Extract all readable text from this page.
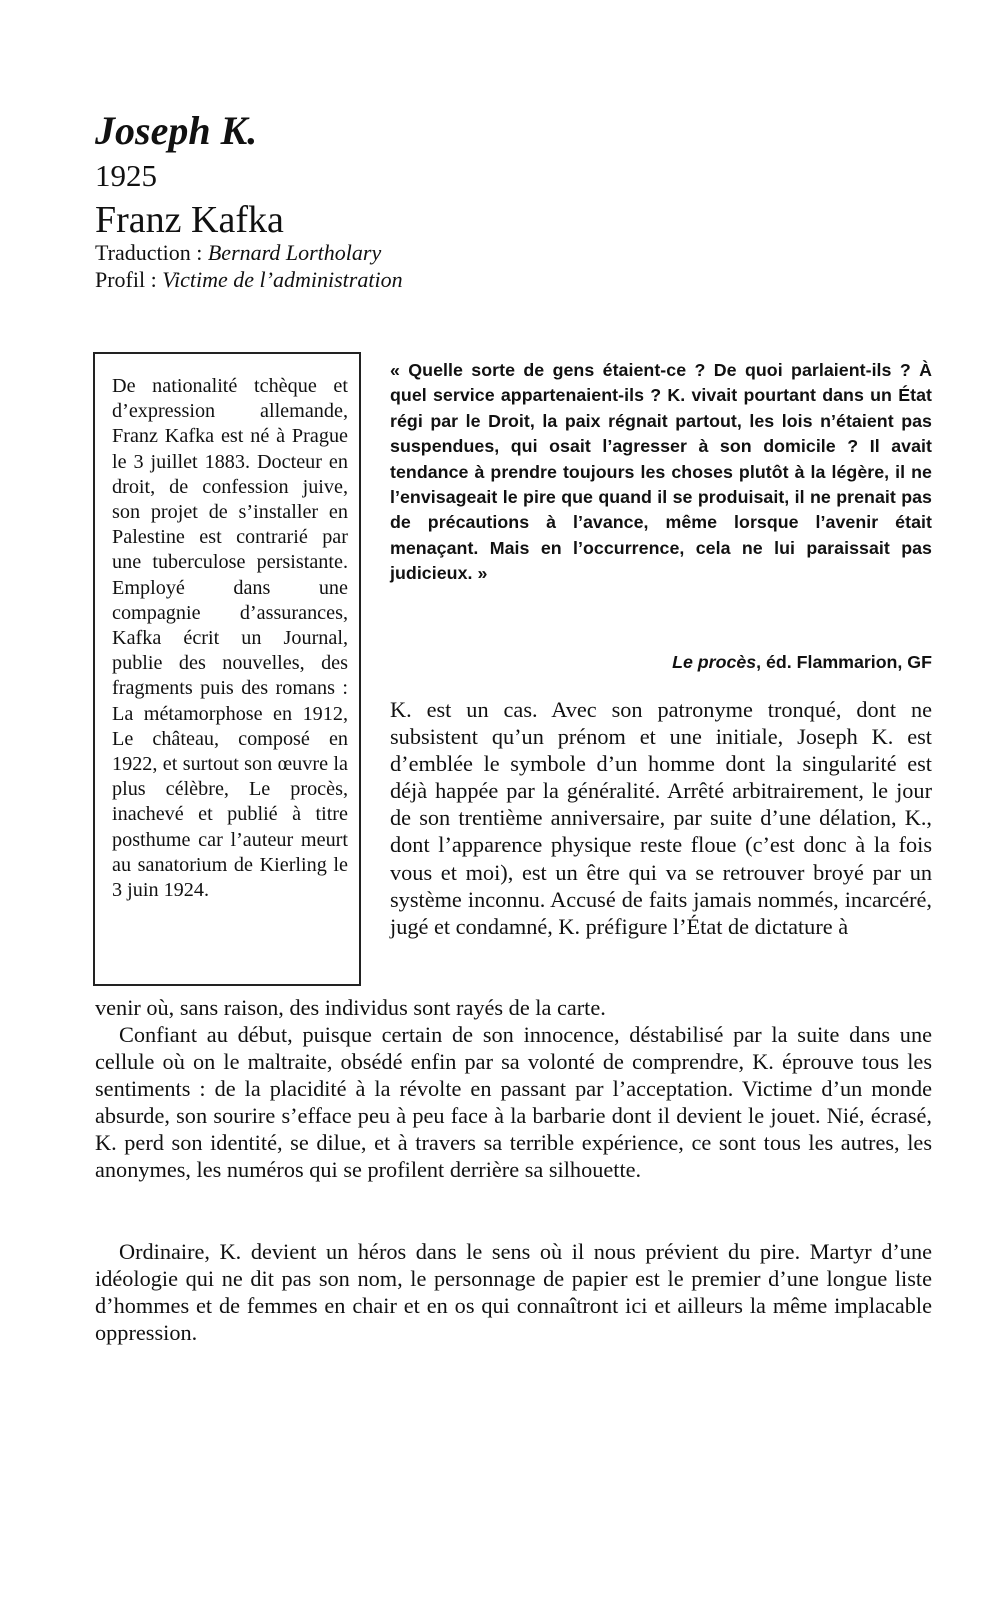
Joseph K.
1925
Franz Kafka
Traduction : Bernard Lortholary
Profil : Victime de l’administration

De nationalité tchèque et d’expression allemande, Franz Kafka est né à Prague le 3 juillet 1883. Docteur en droit, de confession juive, son projet de s’installer en Palestine est contrarié par une tuberculose persistante. Employé dans une compagnie d’assurances, Kafka écrit un Journal, publie des nouvelles, des fragments puis des romans : La métamorphose en 1912, Le château, composé en 1922, et surtout son œuvre la plus célèbre, Le procès, inachevé et publié à titre posthume car l’auteur meurt au sanatorium de Kierling le 3 juin 1924.

« Quelle sorte de gens étaient-ce ? De quoi parlaient-ils ? À quel service appartenaient-ils ? K. vivait pourtant dans un État régi par le Droit, la paix régnait partout, les lois n’étaient pas suspendues, qui osait l’agresser à son domicile ? Il avait tendance à prendre toujours les choses plutôt à la légère, il ne l’envisageait le pire que quand il se produisait, il ne prenait pas de précautions à l’avance, même lorsque l’avenir était menaçant. Mais en l’occurrence, cela ne lui paraissait pas judicieux. »

Le procès, éd. Flammarion, GF

K. est un cas. Avec son patronyme tronqué, dont ne subsistent qu’un prénom et une initiale, Joseph K. est d’emblée le symbole d’un homme dont la singularité est déjà happée par la généralité. Arrêté arbitrairement, le jour de son trentième anniversaire, par suite d’une délation, K., dont l’apparence physique reste floue (c’est donc à la fois vous et moi), est un être qui va se retrouver broyé par un système inconnu. Accusé de faits jamais nommés, incarcéré, jugé et condamné, K. préfigure l’État de dictature à

venir où, sans raison, des individus sont rayés de la carte.

Confiant au début, puisque certain de son innocence, déstabilisé par la suite dans une cellule où on le maltraite, obsédé enfin par sa volonté de comprendre, K. éprouve tous les sentiments : de la placidité à la révolte en passant par l’acceptation. Victime d’un monde absurde, son sourire s’efface peu à peu face à la barbarie dont il devient le jouet. Nié, écrasé, K. perd son identité, se dilue, et à travers sa terrible expérience, ce sont tous les autres, les anonymes, les numéros qui se profilent derrière sa silhouette.

Ordinaire, K. devient un héros dans le sens où il nous prévient du pire. Martyr d’une idéologie qui ne dit pas son nom, le personnage de papier est le premier d’une longue liste d’hommes et de femmes en chair et en os qui connaîtront ici et ailleurs la même implacable oppression.
